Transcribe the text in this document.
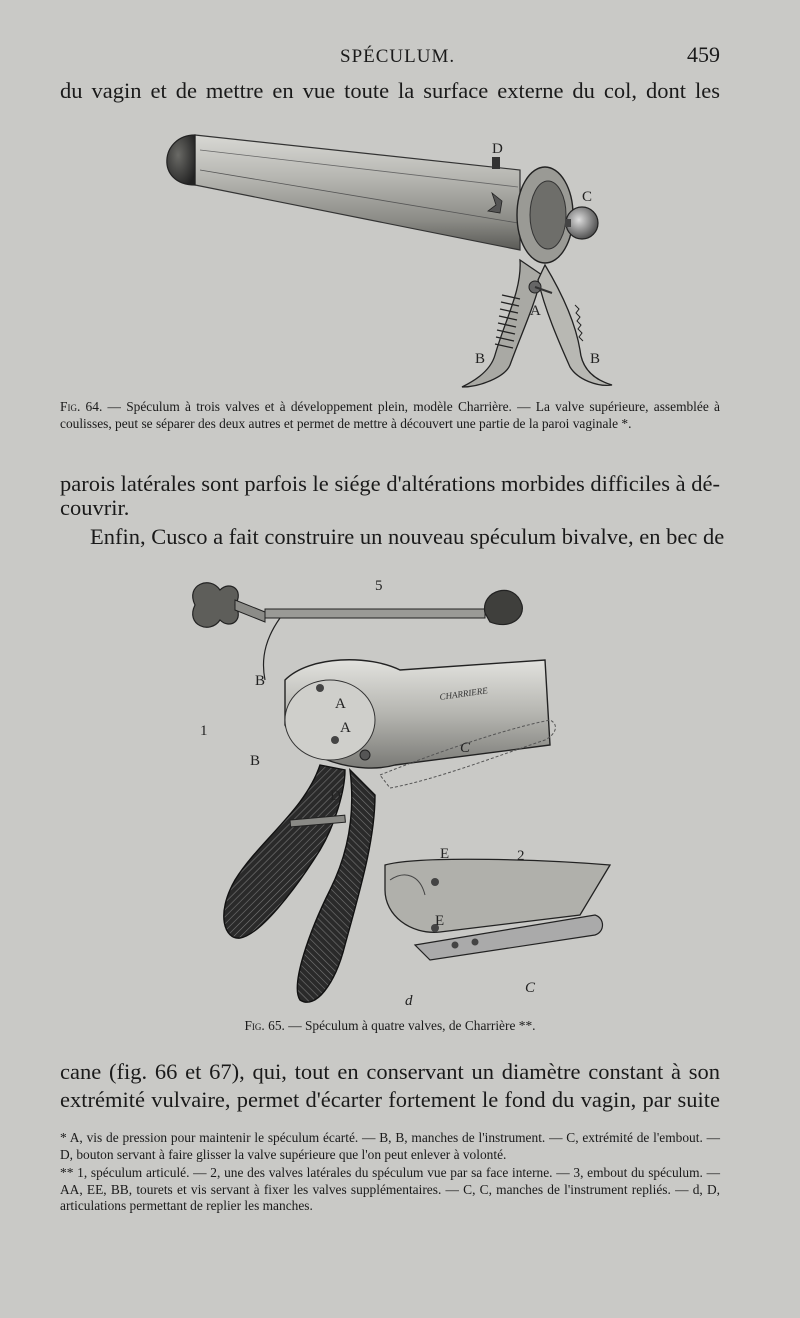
SPÉCULUM.	459
du vagin et de mettre en vue toute la surface externe du col, dont les
D
C
A
B	B

Fig. 64. — Spéculum à trois valves et à développement plein, modèle Charrière. — La valve supérieure, assemblée à coulisses, peut se séparer des deux autres et permet de mettre à découvert une partie de la paroi vaginale *.

parois latérales sont parfois le siége d'altérations morbides difficiles à dé-
couvrir.
Enfin, Cusco a fait construire un nouveau spéculum bivalve, en bec de
CHARRIERE
5
B
A
A
1
B
C
D
E	2
E
d
C

Fig. 65. — Spéculum à quatre valves, de Charrière **.

cane (fig. 66 et 67), qui, tout en conservant un diamètre constant à son
extrémité vulvaire, permet d'écarter fortement le fond du vagin, par suite

* A, vis de pression pour maintenir le spéculum écarté. — B, B, manches de l'instrument. — C, extrémité de l'embout. — D, bouton servant à faire glisser la valve supérieure que l'on peut enlever à volonté.

** 1, spéculum articulé. — 2, une des valves latérales du spéculum vue par sa face interne. — 3, embout du spéculum. — AA, EE, BB, tourets et vis servant à fixer les valves supplémentaires. — C, C, manches de l'instrument repliés. — d, D, articulations permettant de replier les manches.
